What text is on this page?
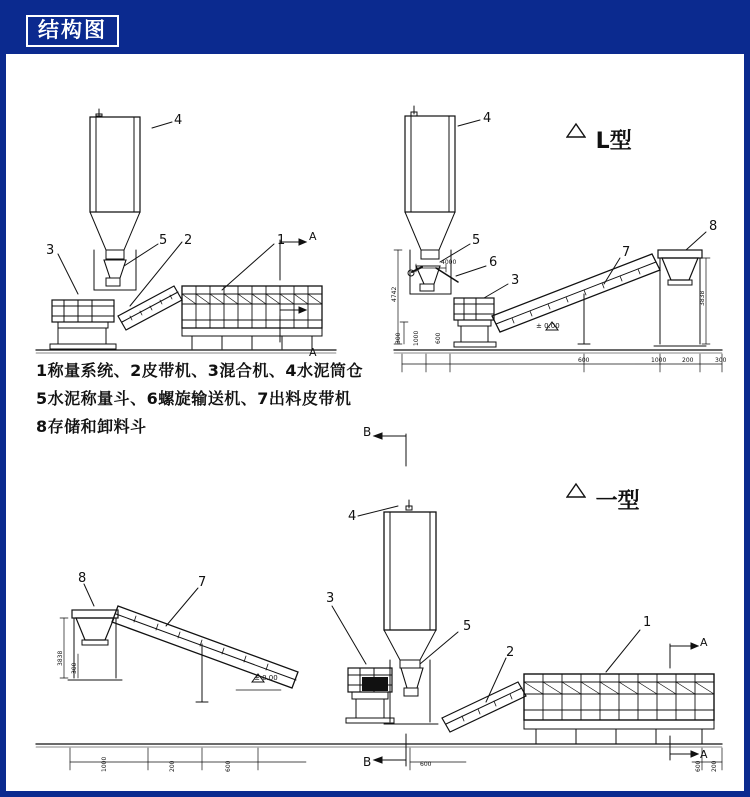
结构图
4
5 2	1
3
A
A
4
5
6
3
7
8
4000
4742
± 0.00
3838
300 1000	600
600	1000	200	300
8	7
3
4
5
2
1
B
B
A
A
3838
300
± 0.00
1000	200	600	600	600 200
1称量系统、2皮带机、3混合机、4水泥筒仓
5水泥称量斗、6螺旋输送机、7出料皮带机
8存储和卸料斗
L型
一型
